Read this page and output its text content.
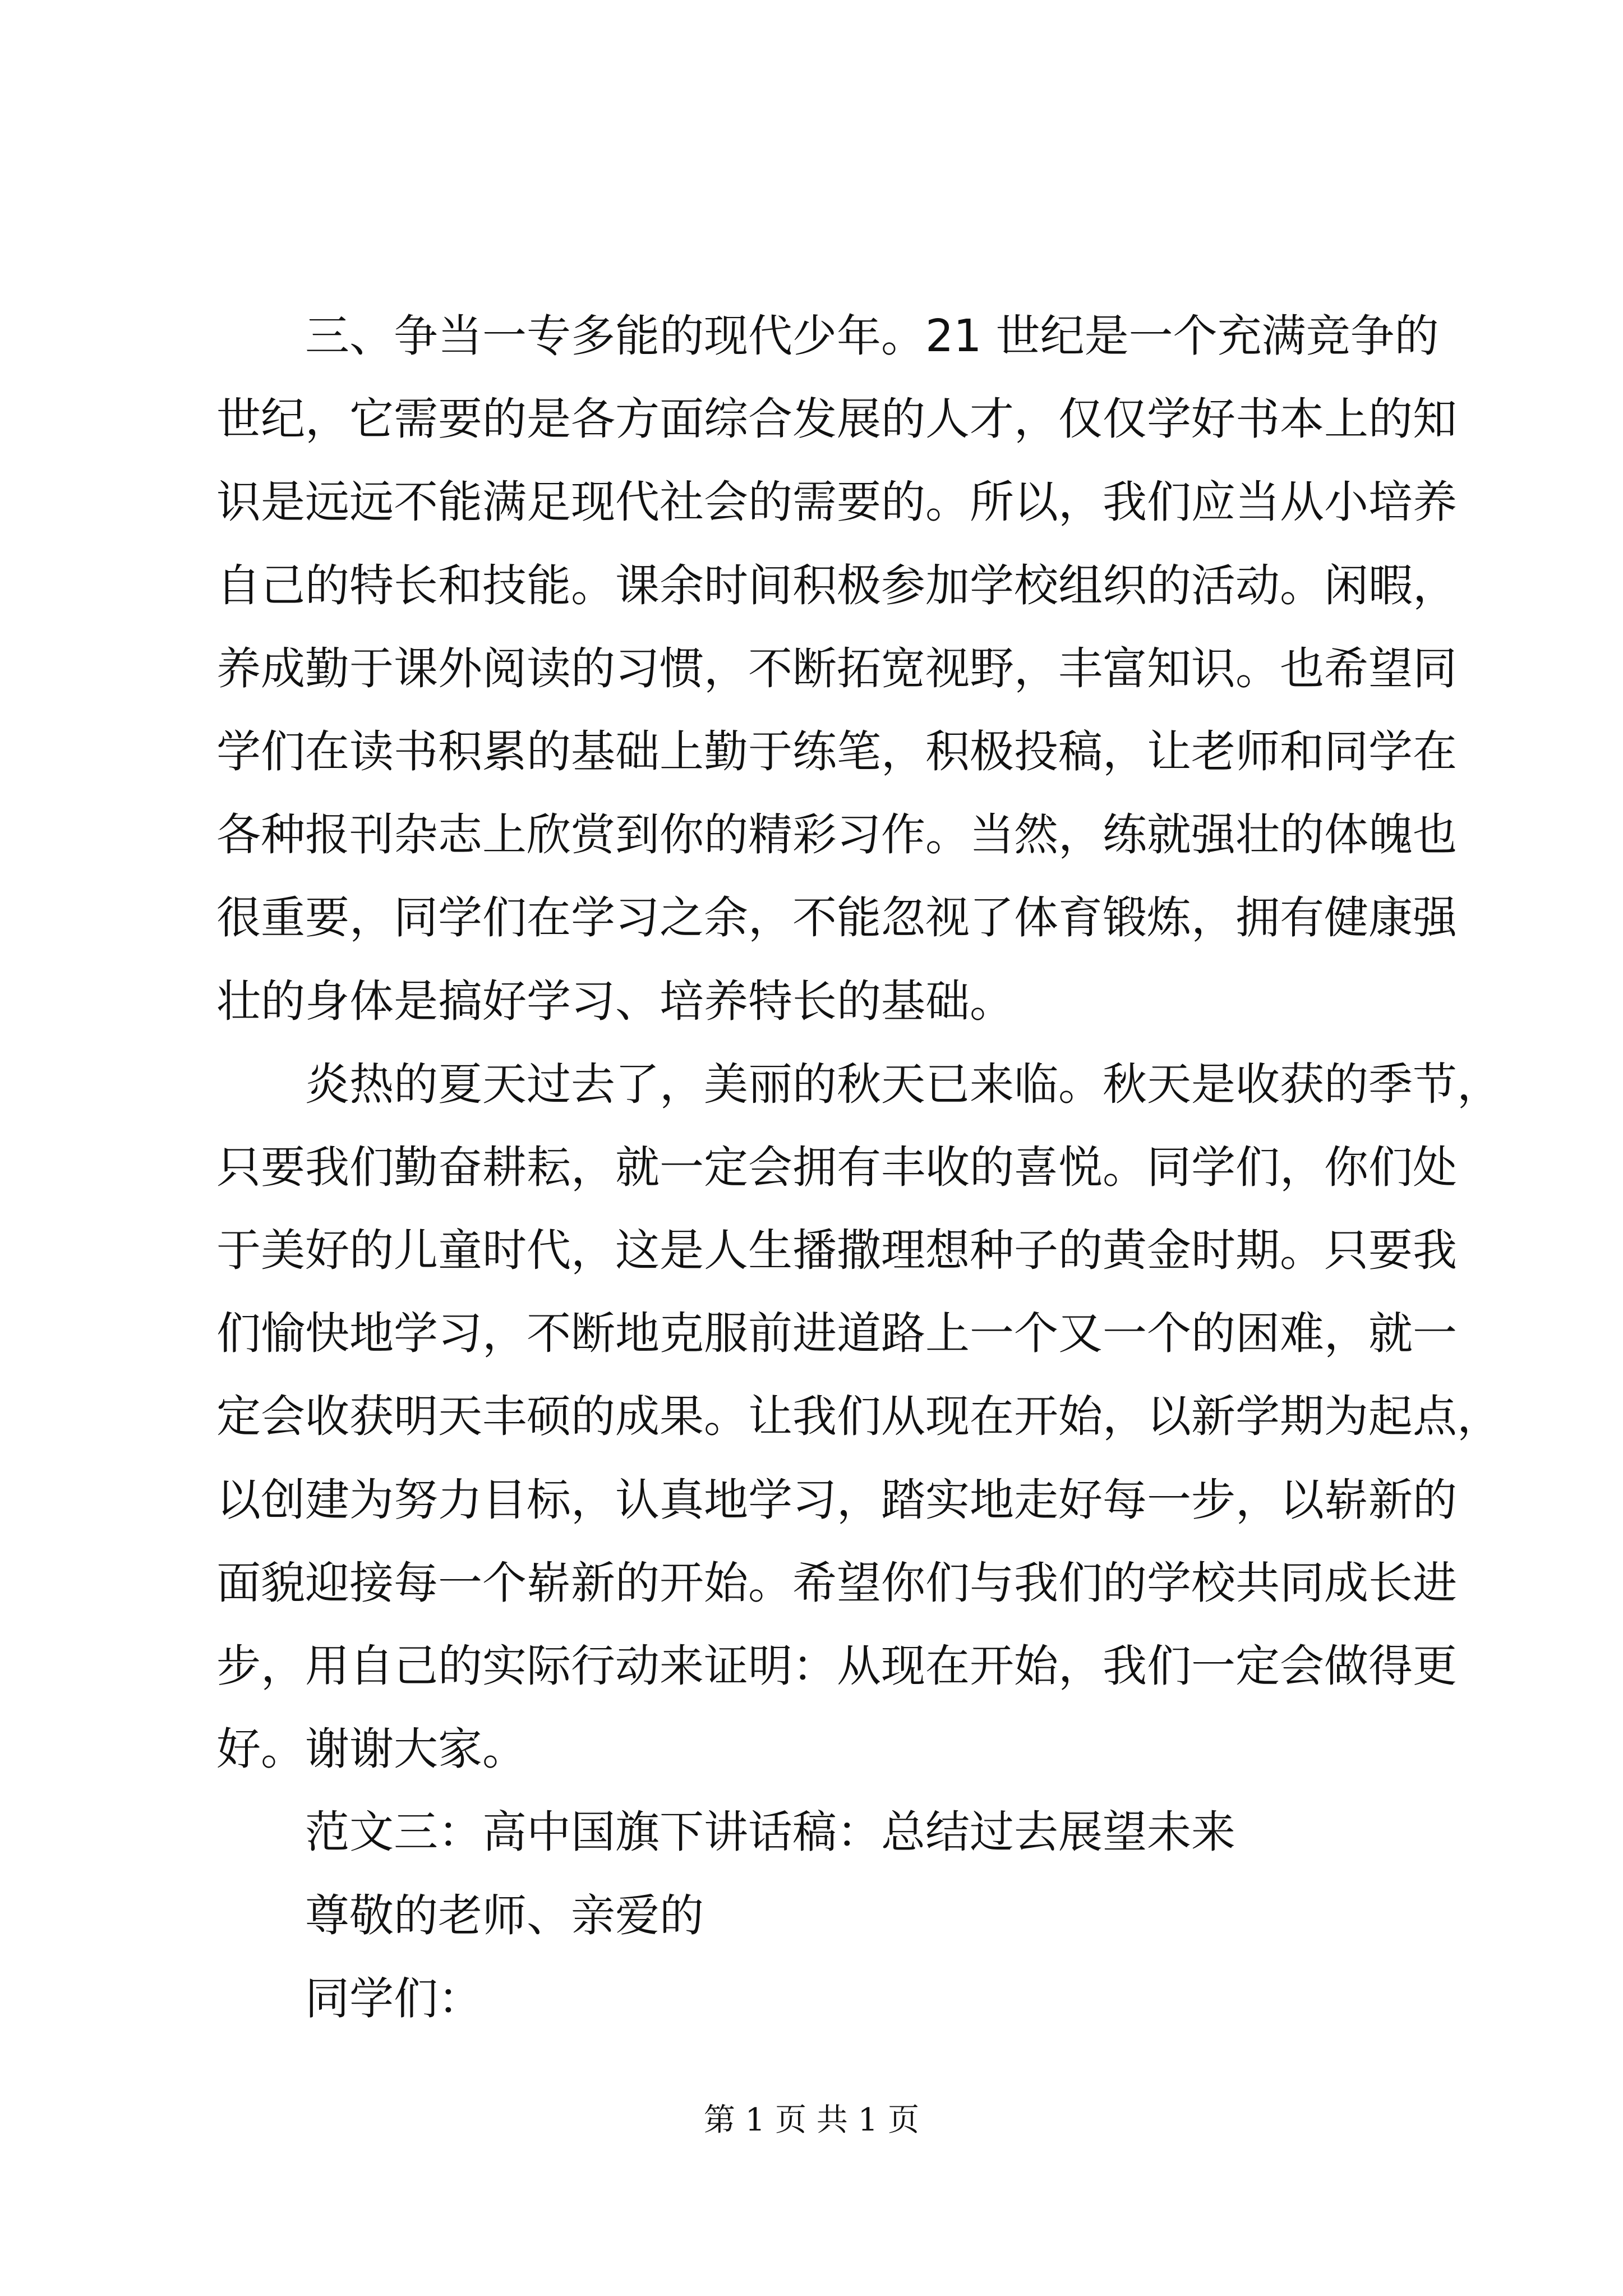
三、争当一专多能的现代少年。21 世纪是一个充满竞争的
世纪，它需要的是各方面综合发展的人才，仅仅学好书本上的知
识是远远不能满足现代社会的需要的。所以，我们应当从小培养
自己的特长和技能。课余时间积极参加学校组织的活动。闲暇，
养成勤于课外阅读的习惯，不断拓宽视野，丰富知识。也希望同
学们在读书积累的基础上勤于练笔，积极投稿，让老师和同学在
各种报刊杂志上欣赏到你的精彩习作。当然，练就强壮的体魄也
很重要，同学们在学习之余，不能忽视了体育锻炼，拥有健康强
壮的身体是搞好学习、培养特长的基础。
炎热的夏天过去了，美丽的秋天已来临。秋天是收获的季节，
只要我们勤奋耕耘，就一定会拥有丰收的喜悦。同学们，你们处
于美好的儿童时代，这是人生播撒理想种子的黄金时期。只要我
们愉快地学习，不断地克服前进道路上一个又一个的困难，就一
定会收获明天丰硕的成果。让我们从现在开始，以新学期为起点，
以创建为努力目标，认真地学习，踏实地走好每一步，以崭新的
面貌迎接每一个崭新的开始。希望你们与我们的学校共同成长进
步，用自己的实际行动来证明：从现在开始，我们一定会做得更
好。谢谢大家。
范文三：高中国旗下讲话稿：总结过去展望未来
尊敬的老师、亲爱的
同学们：
第 1 页 共 1 页
